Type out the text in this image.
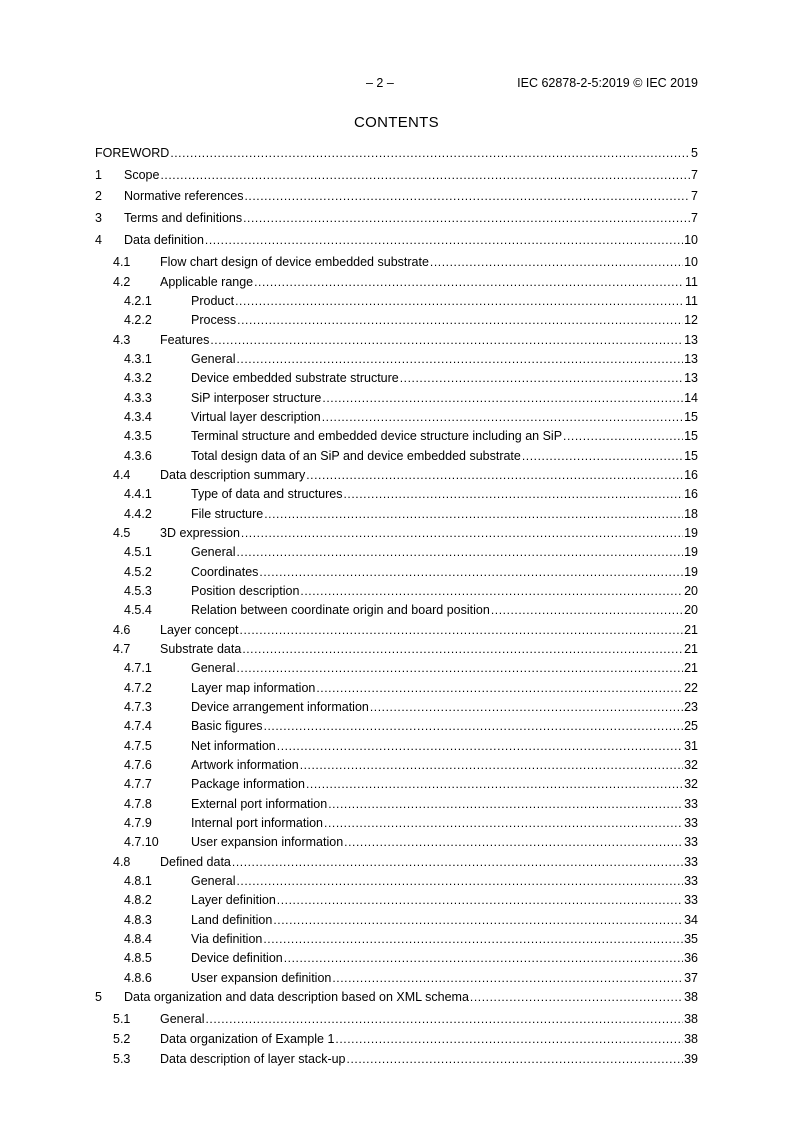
– 2 –	IEC 62878-2-5:2019 © IEC 2019
CONTENTS
FOREWORD .....	5
1 Scope .....	7
2 Normative references .....	7
3 Terms and definitions .....	7
4 Data definition .....	10
4.1 Flow chart design of device embedded substrate .....	10
4.2 Applicable range .....	11
4.2.1	Product .....	11
4.2.2	Process .....	12
4.3 Features .....	13
4.3.1	General .....	13
4.3.2	Device embedded substrate structure .....	13
4.3.3	SiP interposer structure .....	14
4.3.4	Virtual layer description .....	15
4.3.5	Terminal structure and embedded device structure including an SiP .....	15
4.3.6	Total design data of an SiP and device embedded substrate .....	15
4.4 Data description summary .....	16
4.4.1	Type of data and structures .....	16
4.4.2	File structure .....	18
4.5 3D expression .....	19
4.5.1	General .....	19
4.5.2	Coordinates .....	19
4.5.3	Position description .....	20
4.5.4	Relation between coordinate origin and board position .....	20
4.6 Layer concept .....	21
4.7 Substrate data .....	21
4.7.1	General .....	21
4.7.2	Layer map information .....	22
4.7.3	Device arrangement information .....	23
4.7.4	Basic figures .....	25
4.7.5	Net information .....	31
4.7.6	Artwork information .....	32
4.7.7	Package information .....	32
4.7.8	External port information .....	33
4.7.9	Internal port information .....	33
4.7.10	User expansion information .....	33
4.8 Defined data .....	33
4.8.1	General .....	33
4.8.2	Layer definition .....	33
4.8.3	Land definition .....	34
4.8.4	Via definition .....	35
4.8.5	Device definition .....	36
4.8.6	User expansion definition .....	37
5 Data organization and data description based on XML schema .....	38
5.1 General .....	38
5.2 Data organization of Example 1 .....	38
5.3 Data description of layer stack-up .....	39
